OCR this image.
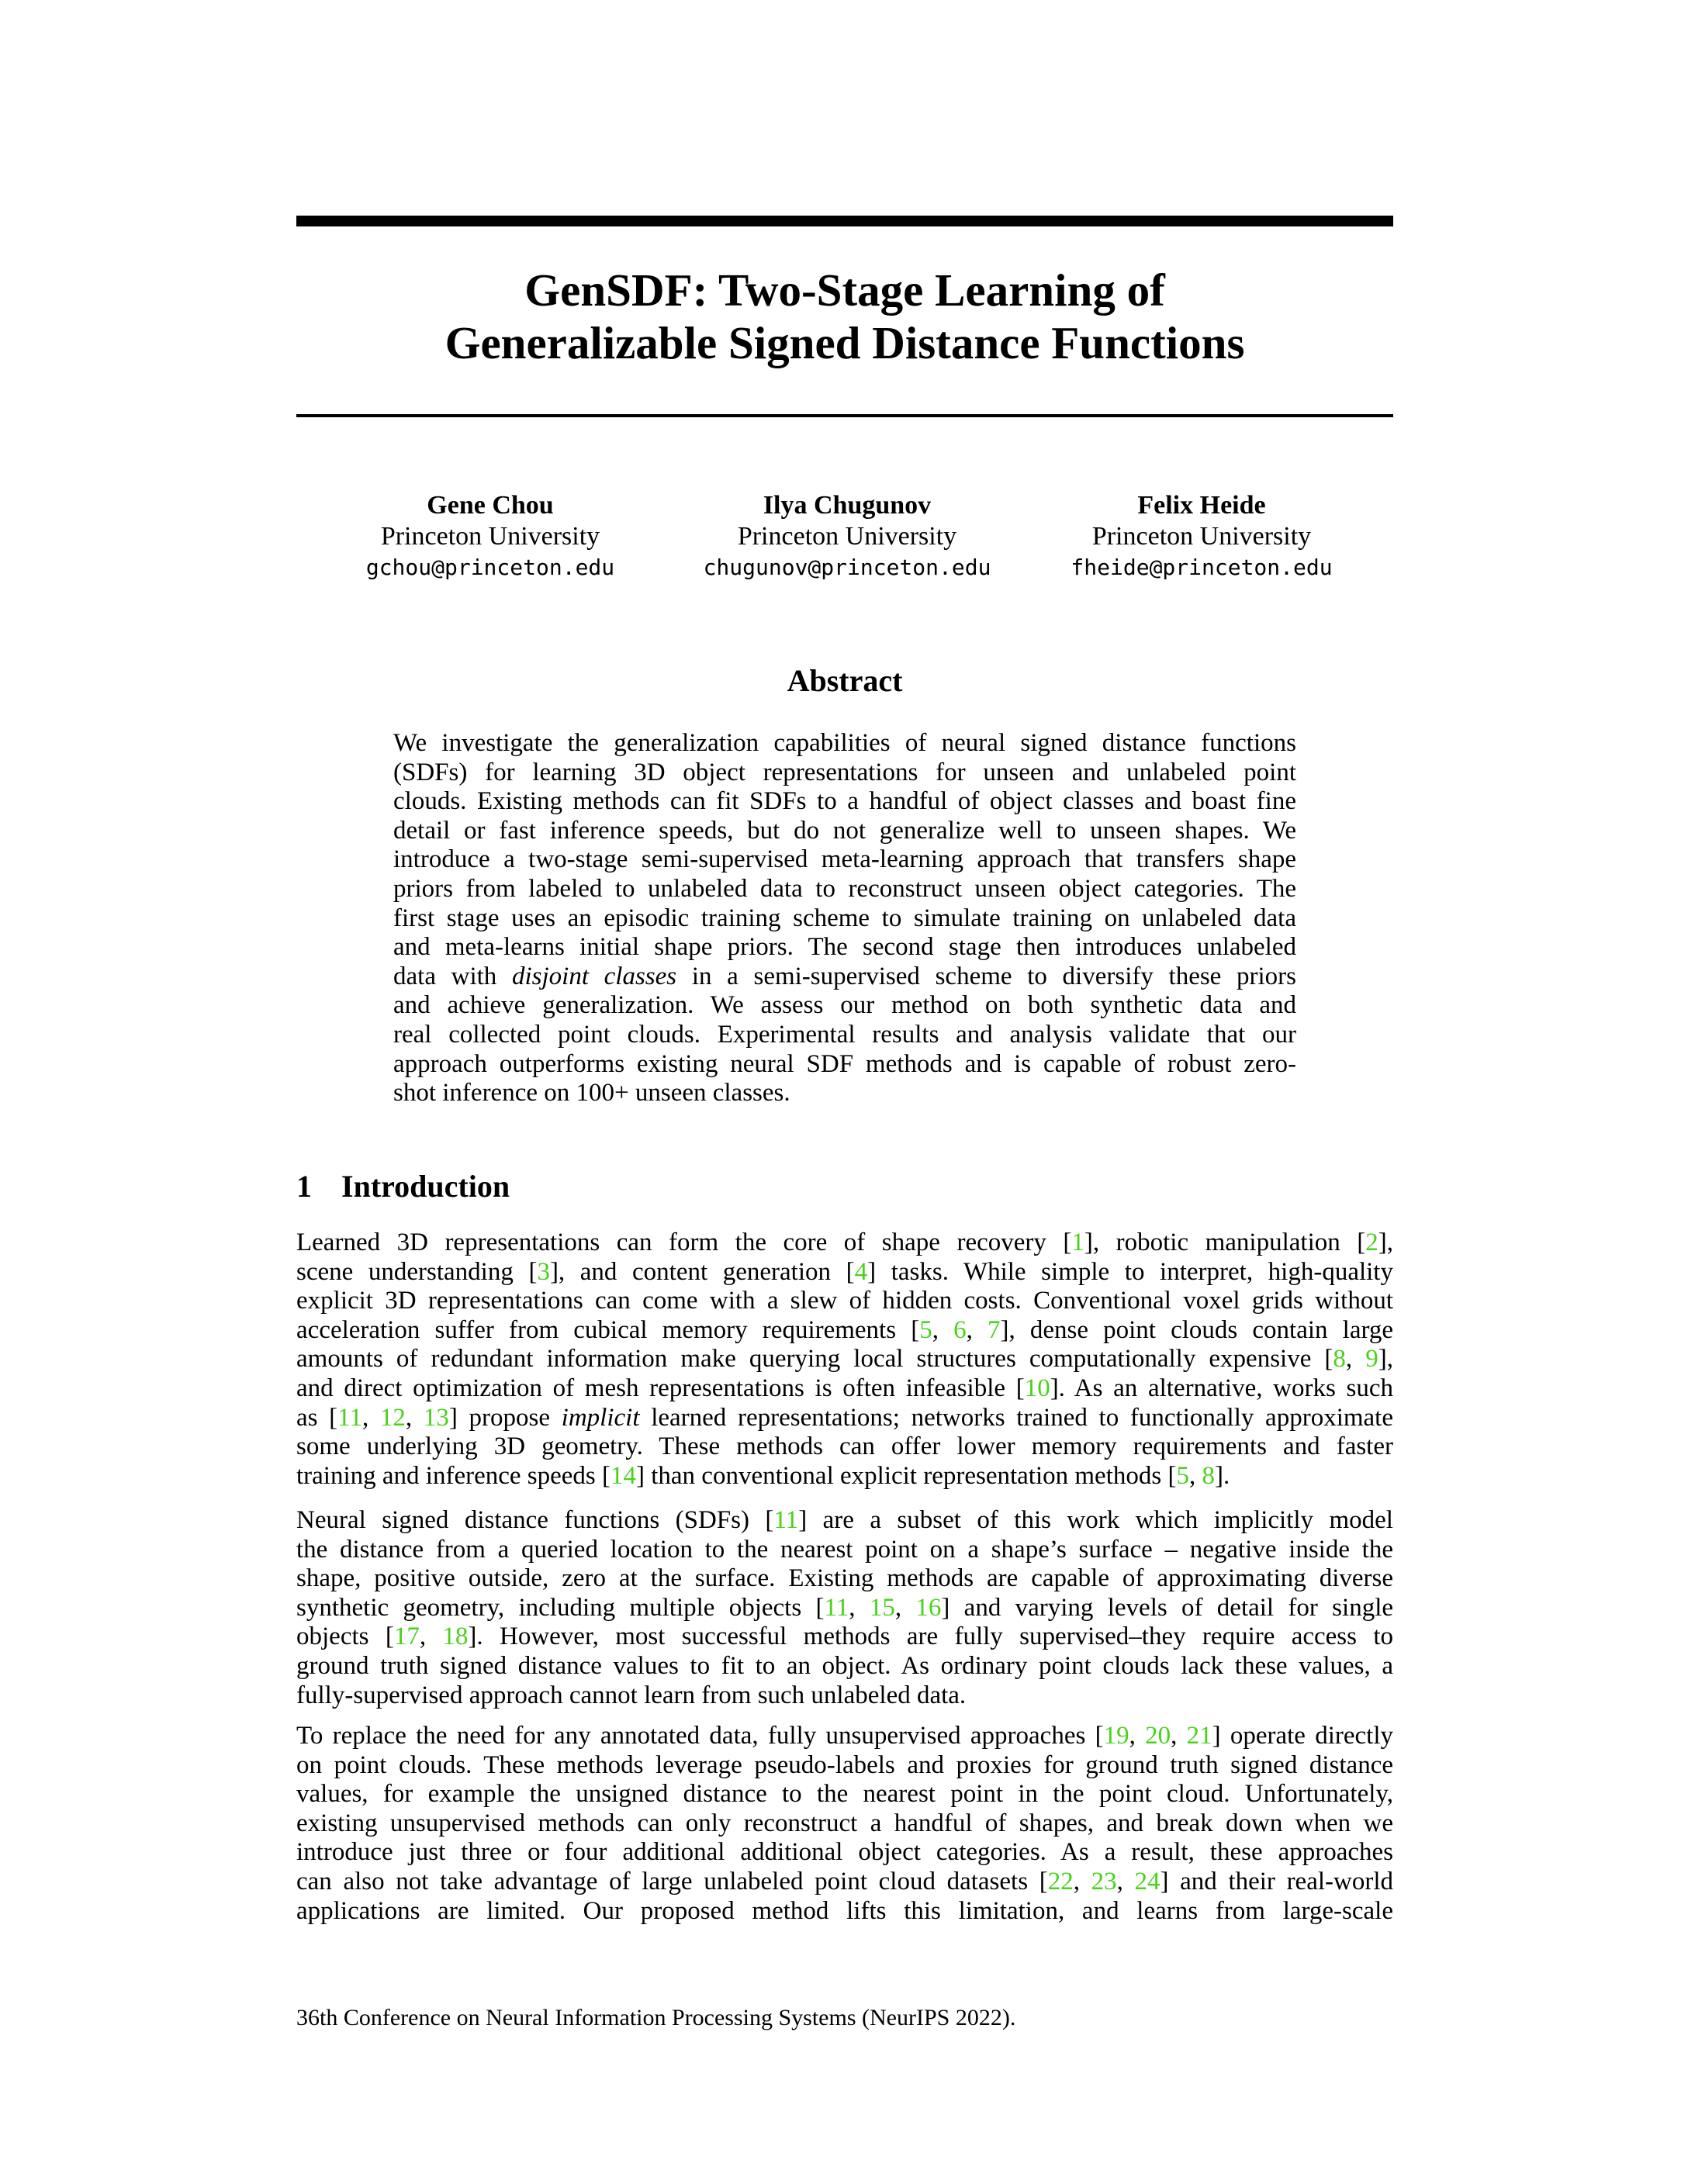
GenSDF: Two-Stage Learning of
Generalizable Signed Distance Functions
Gene Chou
Princeton University
gchou@princeton.edu
Ilya Chugunov
Princeton University
chugunov@princeton.edu
Felix Heide
Princeton University
fheide@princeton.edu
Abstract
We investigate the generalization capabilities of neural signed distance functions
(SDFs) for learning 3D object representations for unseen and unlabeled point
clouds. Existing methods can fit SDFs to a handful of object classes and boast fine
detail or fast inference speeds, but do not generalize well to unseen shapes. We
introduce a two-stage semi-supervised meta-learning approach that transfers shape
priors from labeled to unlabeled data to reconstruct unseen object categories. The
first stage uses an episodic training scheme to simulate training on unlabeled data
and meta-learns initial shape priors. The second stage then introduces unlabeled
data with disjoint classes in a semi-supervised scheme to diversify these priors
and achieve generalization. We assess our method on both synthetic data and
real collected point clouds. Experimental results and analysis validate that our
approach outperforms existing neural SDF methods and is capable of robust zero-
shot inference on 100+ unseen classes.
1 Introduction
Learned 3D representations can form the core of shape recovery [1], robotic manipulation [2],
scene understanding [3], and content generation [4] tasks. While simple to interpret, high-quality
explicit 3D representations can come with a slew of hidden costs. Conventional voxel grids without
acceleration suffer from cubical memory requirements [5, 6, 7], dense point clouds contain large
amounts of redundant information make querying local structures computationally expensive [8, 9],
and direct optimization of mesh representations is often infeasible [10]. As an alternative, works such
as [11, 12, 13] propose implicit learned representations; networks trained to functionally approximate
some underlying 3D geometry. These methods can offer lower memory requirements and faster
training and inference speeds [14] than conventional explicit representation methods [5, 8].
Neural signed distance functions (SDFs) [11] are a subset of this work which implicitly model
the distance from a queried location to the nearest point on a shape’s surface – negative inside the
shape, positive outside, zero at the surface. Existing methods are capable of approximating diverse
synthetic geometry, including multiple objects [11, 15, 16] and varying levels of detail for single
objects [17, 18]. However, most successful methods are fully supervised–they require access to
ground truth signed distance values to fit to an object. As ordinary point clouds lack these values, a
fully-supervised approach cannot learn from such unlabeled data.
To replace the need for any annotated data, fully unsupervised approaches [19, 20, 21] operate directly
on point clouds. These methods leverage pseudo-labels and proxies for ground truth signed distance
values, for example the unsigned distance to the nearest point in the point cloud. Unfortunately,
existing unsupervised methods can only reconstruct a handful of shapes, and break down when we
introduce just three or four additional additional object categories. As a result, these approaches
can also not take advantage of large unlabeled point cloud datasets [22, 23, 24] and their real-world
applications are limited. Our proposed method lifts this limitation, and learns from large-scale
36th Conference on Neural Information Processing Systems (NeurIPS 2022).
